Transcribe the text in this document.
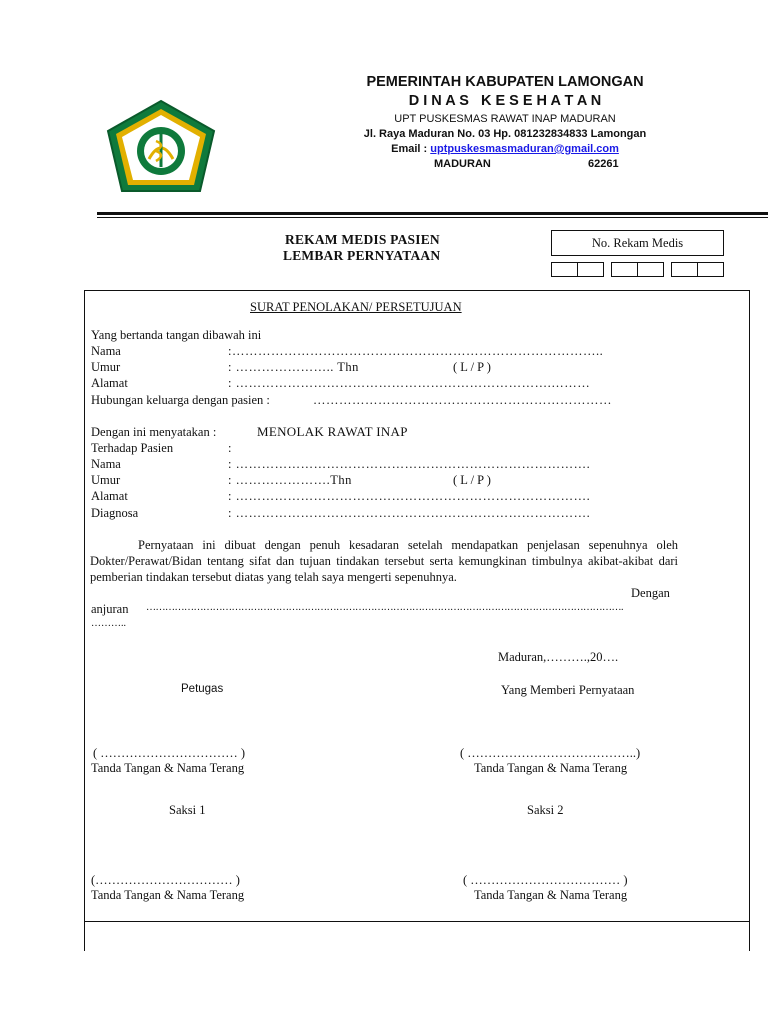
PEMERINTAH KABUPATEN LAMONGAN
D I N A S   K E S E H A T A N
UPT PUSKESMAS RAWAT INAP MADURAN
Jl. Raya Maduran No. 03 Hp. 081232834833 Lamongan
Email : uptpuskesmasmaduran@gmail.com
MADURAN	62261
REKAM MEDIS PASIEN
LEMBAR PERNYATAAN
No. Rekam Medis
SURAT PENOLAKAN/ PERSETUJUAN
Yang bertanda tangan dibawah ini
Nama	:…………………………………………………………………………..
Umur	: ………………….. Thn	( L / P )
Alamat	: ……………………………………………………………….………
Hubungan keluarga dengan pasien :	……………………………………………………………
Dengan ini menyatakan :	MENOLAK RAWAT INAP
Terhadap Pasien	:
Nama	: ……………………………………………………………………….
Umur	: ………………….Thn	( L / P )
Alamat	: ……………………………………………………………………….
Diagnosa	: ……………………………………………………………………….
Pernyataan ini dibuat dengan penuh kesadaran setelah mendapatkan penjelasan sepenuhnya oleh Dokter/Perawat/Bidan tentang sifat dan tujuan tindakan tersebut serta kemungkinan timbulnya akibat-akibat dari pemberian tindakan tersebut diatas yang telah saya mengerti sepenuhnya.
Dengan
anjuran …………………………………………………………………………………………………………………………………….
………..
Maduran,……….,20….
Petugas	Yang Memberi Pernyataan
( …………………………… )	( …………………………………..)
Tanda Tangan & Nama Terang	Tanda Tangan & Nama Terang
Saksi 1	Saksi 2
(…………………………… )	( ……………………………… )
Tanda Tangan & Nama Terang	Tanda Tangan & Nama Terang
